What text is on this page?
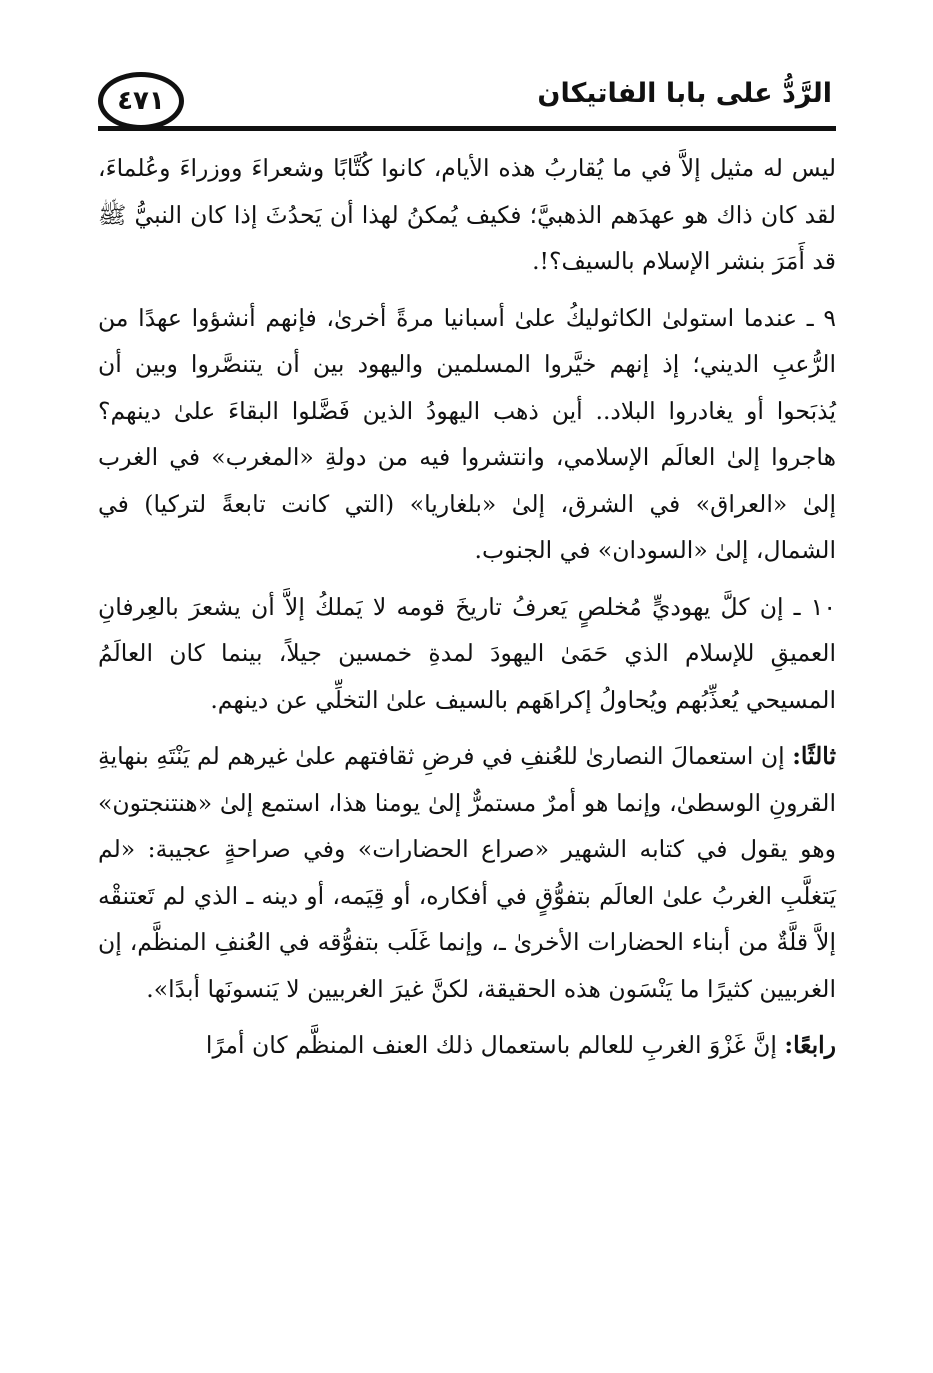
٤٧١	الرَّدُّ على بابا الفاتيكان

ليس له مثيل إلاَّ في ما يُقاربُ هذه الأيام، كانوا كُتَّابًا وشعراءَ ووزراءَ وعُلماءَ، لقد كان ذاك هو عهدَهم الذهبيَّ؛ فكيف يُمكنُ لهذا أن يَحدُثَ إذا كان النبيُّ ﷺ قد أَمَرَ بنشر الإسلام بالسيف؟!.

٩ ـ عندما استولىٰ الكاثوليكُ علىٰ أسبانيا مرةً أخرىٰ، فإنهم أنشؤوا عهدًا من الرُّعبِ الديني؛ إذ إنهم خيَّروا المسلمين واليهود بين أن يتنصَّروا وبين أن يُذبَحوا أو يغادروا البلاد.. أين ذهب اليهودُ الذين فَضَّلوا البقاءَ علىٰ دينهم؟ هاجروا إلىٰ العالَم الإسلامي، وانتشروا فيه من دولةِ «المغرب» في الغرب إلىٰ «العراق» في الشرق، إلىٰ «بلغاريا» (التي كانت تابعةً لتركيا) في الشمال، إلىٰ «السودان» في الجنوب.

١٠ ـ إن كلَّ يهوديٍّ مُخلصٍ يَعرفُ تاريخَ قومه لا يَملكُ إلاَّ أن يشعرَ بالعِرفانِ العميقِ للإسلام الذي حَمَىٰ اليهودَ لمدةِ خمسين جيلاً، بينما كان العالَمُ المسيحي يُعذِّبُهم ويُحاولُ إكراهَهم بالسيف علىٰ التخلِّي عن دينهم.

ثالثًا: إن استعمالَ النصارىٰ للعُنفِ في فرضِ ثقافتهم علىٰ غيرهم لم يَنْتَهِ بنهايةِ القرونِ الوسطىٰ، وإنما هو أمرٌ مستمرٌّ إلىٰ يومنا هذا، استمع إلىٰ «هنتنجتون» وهو يقول في كتابه الشهير «صراع الحضارات» وفي صراحةٍ عجيبة: «لم يَتغلَّبِ الغربُ علىٰ العالَم بتفوُّقٍ في أفكاره، أو قِيَمه، أو دينه ـ الذي لم تَعتنقْه إلاَّ قلَّةٌ من أبناء الحضارات الأخرىٰ ـ، وإنما غَلَب بتفوُّقه في العُنفِ المنظَّم، إن الغربيين كثيرًا ما يَنْسَون هذه الحقيقة، لكنَّ غيرَ الغربيين لا يَنسونَها أبدًا».

رابعًا: إنَّ غَزْوَ الغربِ للعالم باستعمال ذلك العنف المنظَّم كان أمرًا
